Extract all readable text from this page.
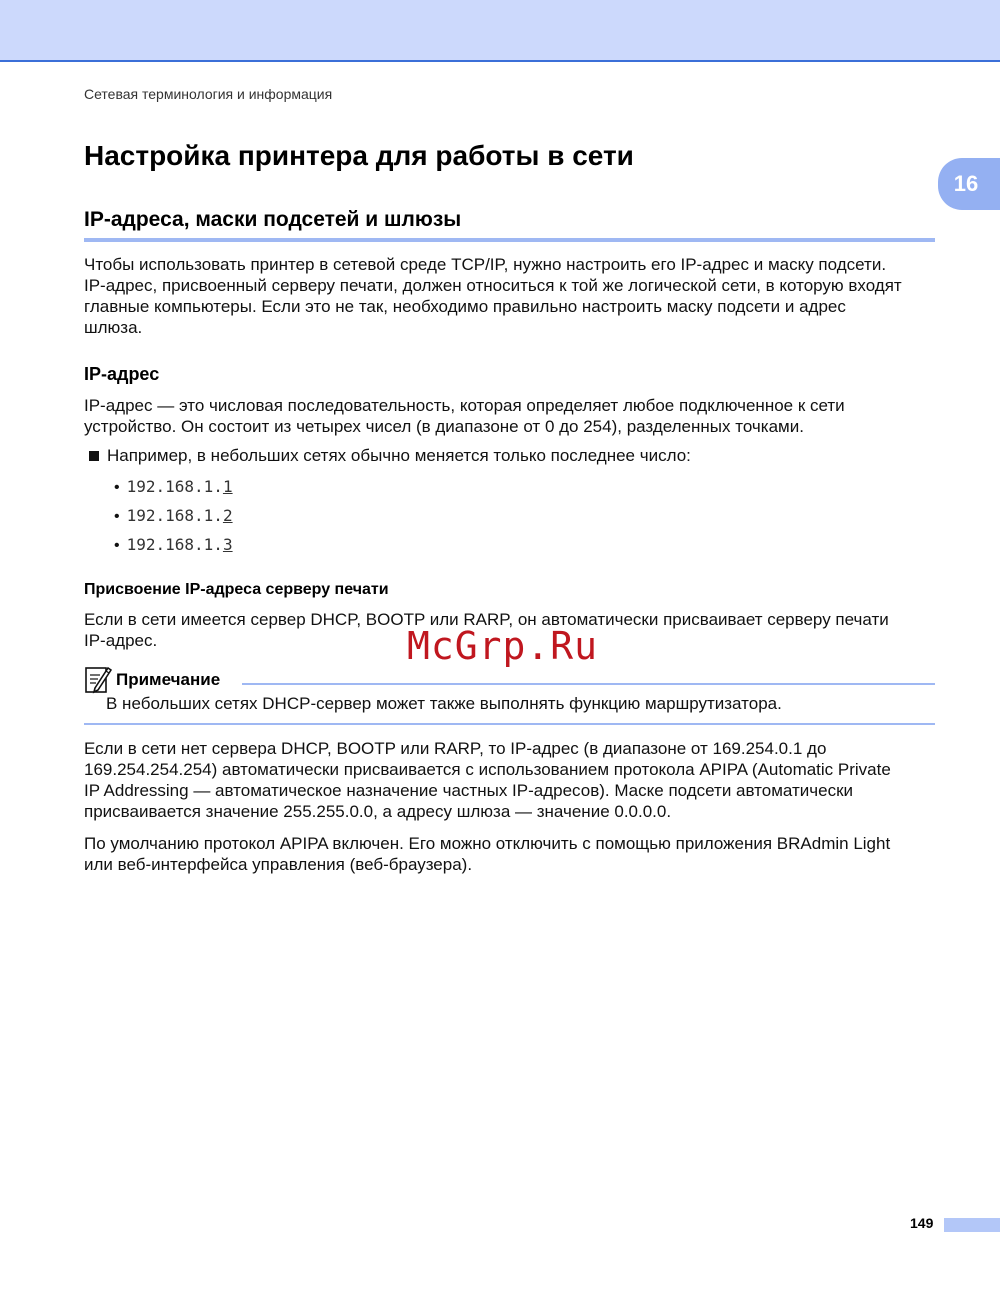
Сетевая терминология и информация
16
Настройка принтера для работы в сети
IP-адреса, маски подсетей и шлюзы
Чтобы использовать принтер в сетевой среде TCP/IP, нужно настроить его IP-адрес и маску подсети.
IP-адрес, присвоенный серверу печати, должен относиться к той же логической сети, в которую входят
главные компьютеры. Если это не так, необходимо правильно настроить маску подсети и адрес
шлюза.
IP-адрес
IP-адрес — это числовая последовательность, которая определяет любое подключенное к сети
устройство. Он состоит из четырех чисел (в диапазоне от 0 до 254), разделенных точками.
Например, в небольших сетях обычно меняется только последнее число:
• 192.168.1.1
• 192.168.1.2
• 192.168.1.3
Присвоение IP-адреса серверу печати
Если в сети имеется сервер DHCP, BOOTP или RARP, он автоматически присваивает серверу печати
IP-адрес.	McGrp.Ru
Примечание
В небольших сетях DHCP-сервер может также выполнять функцию маршрутизатора.
Если в сети нет сервера DHCP, BOOTP или RARP, то IP-адрес (в диапазоне от 169.254.0.1 до
169.254.254.254) автоматически присваивается с использованием протокола APIPA (Automatic Private
IP Addressing — автоматическое назначение частных IP-адресов). Маске подсети автоматически
присваивается значение 255.255.0.0, а адресу шлюза — значение 0.0.0.0.
По умолчанию протокол APIPA включен. Его можно отключить с помощью приложения BRAdmin Light
или веб-интерфейса управления (веб-браузера).
149
